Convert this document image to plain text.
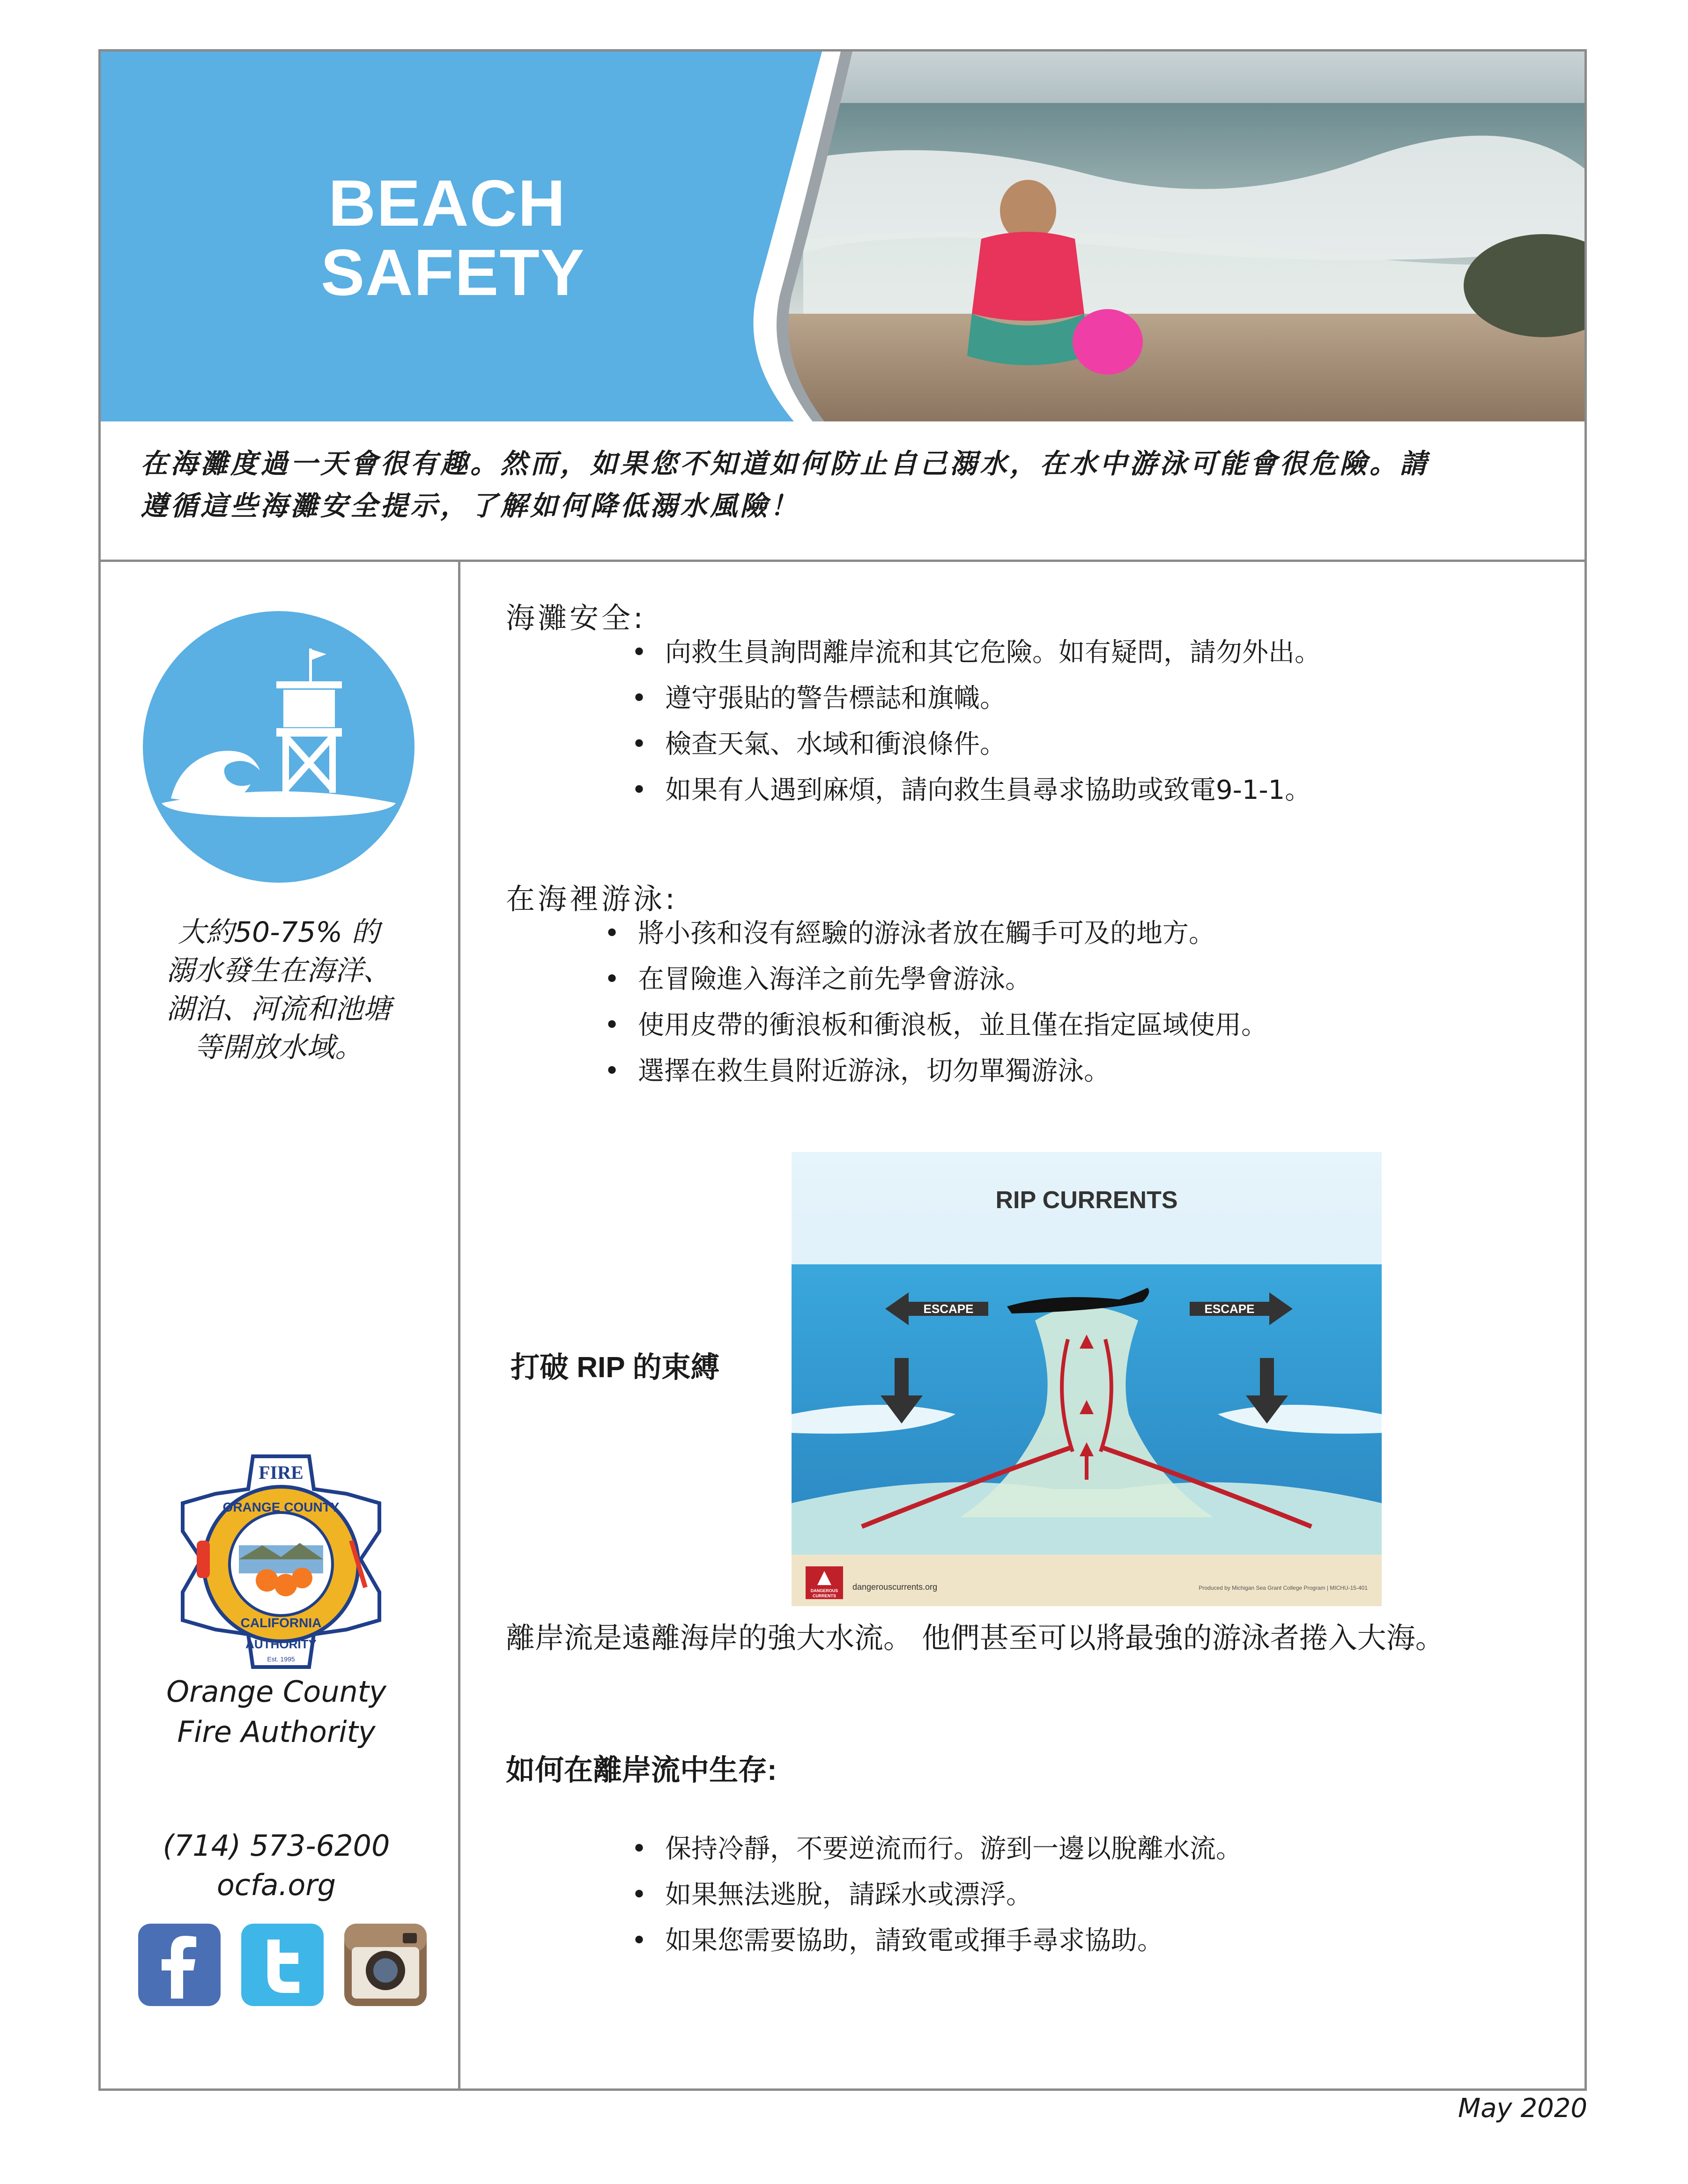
BEACH
SAFETY
在海灘度過一天會很有趣。然而，如果您不知道如何防止自己溺水，在水中游泳可能會很危險。請
遵循這些海灘安全提示，了解如何降低溺水風險！
大約50-75% 的
溺水發生在海洋、
湖泊、河流和池塘
等開放水域。
FIRE
ORANGE COUNTY
CALIFORNIA
AUTHORITY
Est. 1995
Orange County
Fire Authority
(714) 573-6200
ocfa.org
海灘安全:
• 向救生員詢問離岸流和其它危險。如有疑問，請勿外出。
• 遵守張貼的警告標誌和旗幟。
• 檢查天氣、水域和衝浪條件。
• 如果有人遇到麻煩，請向救生員尋求協助或致電9-1-1。
在海裡游泳:
• 將小孩和沒有經驗的游泳者放在觸手可及的地方。
• 在冒險進入海洋之前先學會游泳。
• 使用皮帶的衝浪板和衝浪板，並且僅在指定區域使用。
• 選擇在救生員附近游泳，切勿單獨游泳。
打破 RIP 的束縛
RIP CURRENTS
ESCAPE	ESCAPE
DANGEROUS
CURRENTS
dangerouscurrents.org	Produced by Michigan Sea Grant College Program | MICHU-15-401
離岸流是遠離海岸的強大水流。 他們甚至可以將最強的游泳者捲入大海。
如何在離岸流中生存:
• 保持冷靜，不要逆流而行。游到一邊以脫離水流。
• 如果無法逃脫，請踩水或漂浮。
• 如果您需要協助，請致電或揮手尋求協助。
May 2020
